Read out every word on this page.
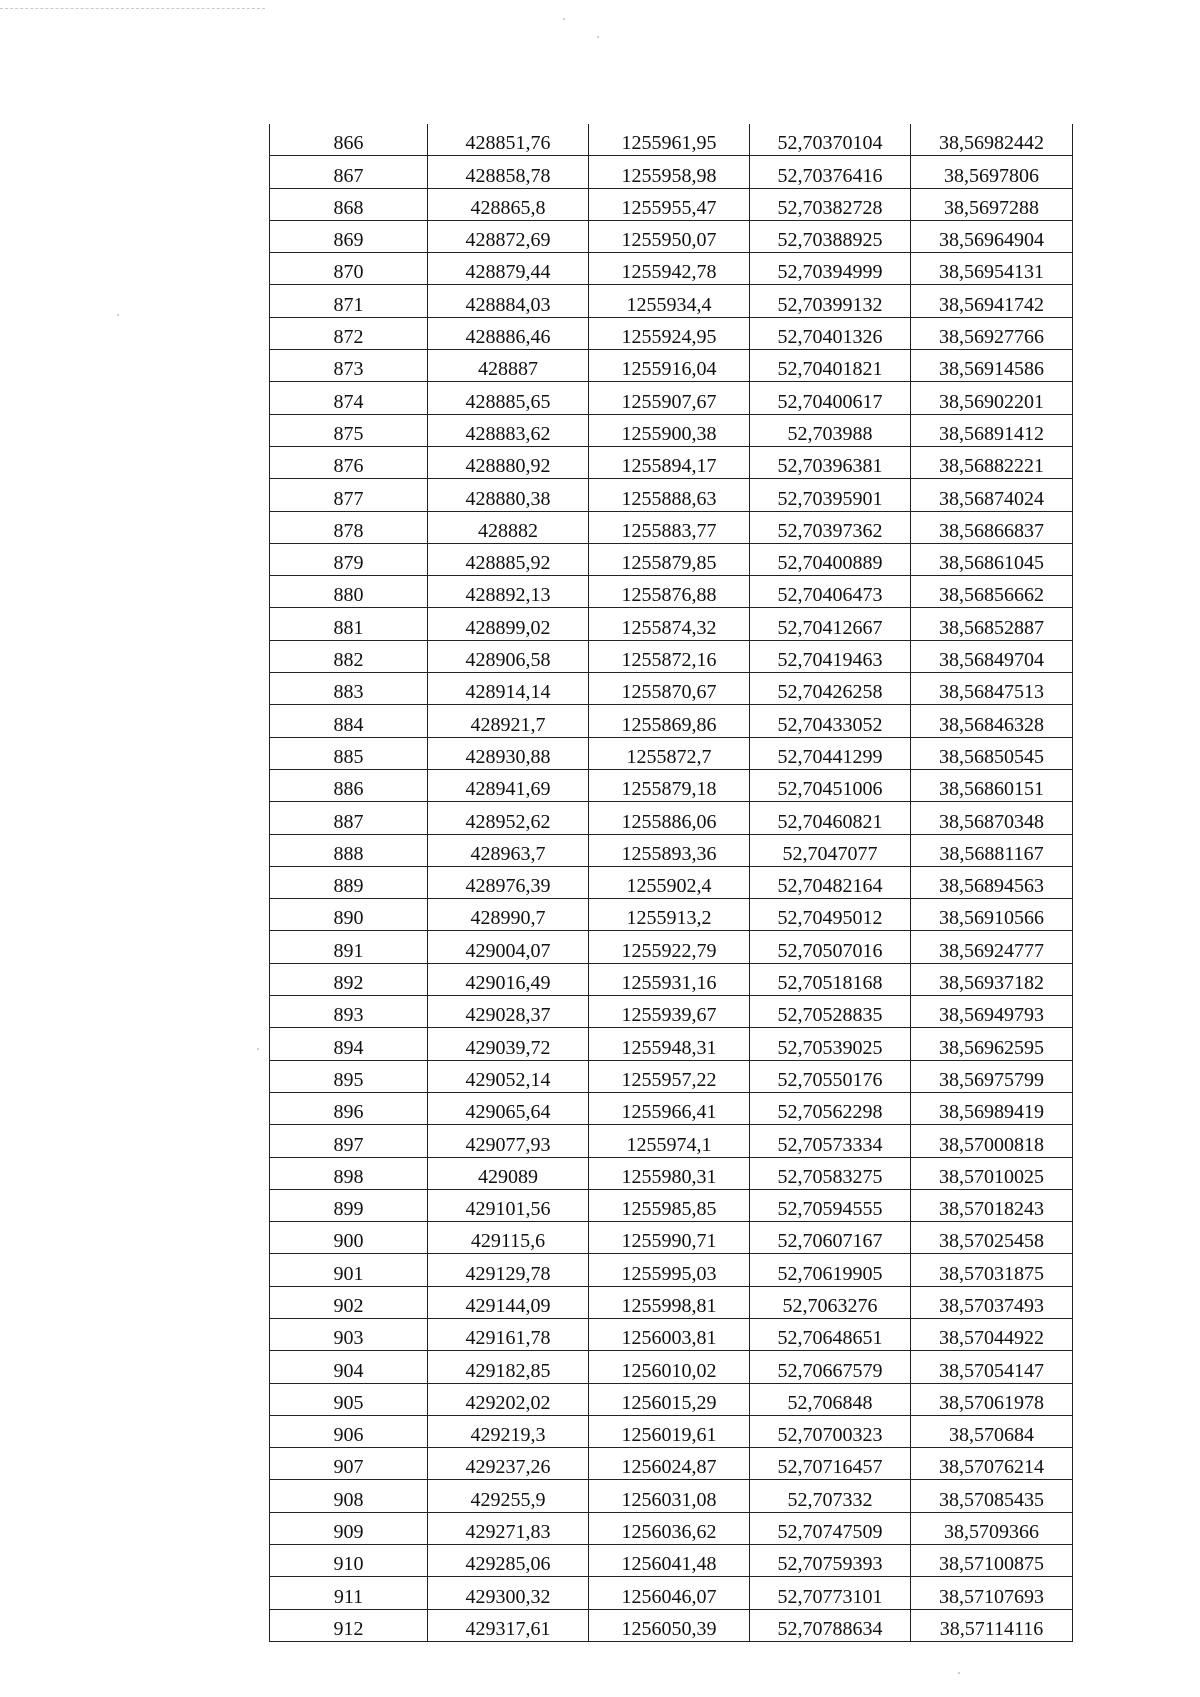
866	428851,76	1255961,95	52,70370104	38,56982442
867	428858,78	1255958,98	52,70376416	38,5697806
868	428865,8	1255955,47	52,70382728	38,5697288
869	428872,69	1255950,07	52,70388925	38,56964904
870	428879,44	1255942,78	52,70394999	38,56954131
871	428884,03	1255934,4	52,70399132	38,56941742
872	428886,46	1255924,95	52,70401326	38,56927766
873	428887	1255916,04	52,70401821	38,56914586
874	428885,65	1255907,67	52,70400617	38,56902201
875	428883,62	1255900,38	52,703988	38,56891412
876	428880,92	1255894,17	52,70396381	38,56882221
877	428880,38	1255888,63	52,70395901	38,56874024
878	428882	1255883,77	52,70397362	38,56866837
879	428885,92	1255879,85	52,70400889	38,56861045
880	428892,13	1255876,88	52,70406473	38,56856662
881	428899,02	1255874,32	52,70412667	38,56852887
882	428906,58	1255872,16	52,70419463	38,56849704
883	428914,14	1255870,67	52,70426258	38,56847513
884	428921,7	1255869,86	52,70433052	38,56846328
885	428930,88	1255872,7	52,70441299	38,56850545
886	428941,69	1255879,18	52,70451006	38,56860151
887	428952,62	1255886,06	52,70460821	38,56870348
888	428963,7	1255893,36	52,7047077	38,56881167
889	428976,39	1255902,4	52,70482164	38,56894563
890	428990,7	1255913,2	52,70495012	38,56910566
891	429004,07	1255922,79	52,70507016	38,56924777
892	429016,49	1255931,16	52,70518168	38,56937182
893	429028,37	1255939,67	52,70528835	38,56949793
894	429039,72	1255948,31	52,70539025	38,56962595
895	429052,14	1255957,22	52,70550176	38,56975799
896	429065,64	1255966,41	52,70562298	38,56989419
897	429077,93	1255974,1	52,70573334	38,57000818
898	429089	1255980,31	52,70583275	38,57010025
899	429101,56	1255985,85	52,70594555	38,57018243
900	429115,6	1255990,71	52,70607167	38,57025458
901	429129,78	1255995,03	52,70619905	38,57031875
902	429144,09	1255998,81	52,7063276	38,57037493
903	429161,78	1256003,81	52,70648651	38,57044922
904	429182,85	1256010,02	52,70667579	38,57054147
905	429202,02	1256015,29	52,706848	38,57061978
906	429219,3	1256019,61	52,70700323	38,570684
907	429237,26	1256024,87	52,70716457	38,57076214
908	429255,9	1256031,08	52,707332	38,57085435
909	429271,83	1256036,62	52,70747509	38,5709366
910	429285,06	1256041,48	52,70759393	38,57100875
911	429300,32	1256046,07	52,70773101	38,57107693
912	429317,61	1256050,39	52,70788634	38,57114116
